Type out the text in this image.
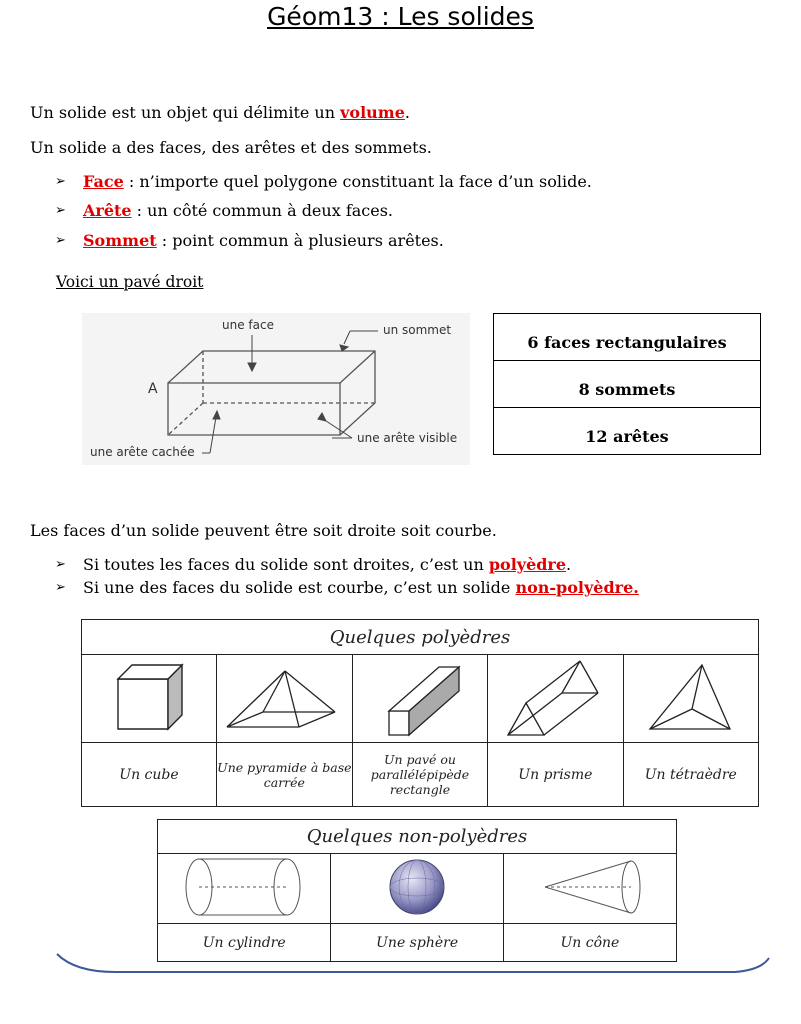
Géom13 : Les solides
Un solide est un objet qui délimite un volume.
Un solide a des faces, des arêtes et des sommets.
➢ Face : n’importe quel polygone constituant la face d’un solide.
➢ Arête : un côté commun à deux faces.
➢ Sommet : point commun à plusieurs arêtes.
Voici un pavé droit
une face	un sommet
A
une arête cachée
une arête visible
6 faces rectangulaires
8 sommets
12 arêtes
Les faces d’un solide peuvent être soit droite soit courbe.
➢ Si toutes les faces du solide sont droites, c’est un polyèdre.
➢ Si une des faces du solide est courbe, c’est un solide non-polyèdre.
Quelques polyèdres				

Un cube	Une pyramide à base carrée	Un pavé ou parallélépipède rectangle	Un prisme	Un tétraèdre
Quelques non-polyèdres		

Un cylindre	Une sphère	Un cône
